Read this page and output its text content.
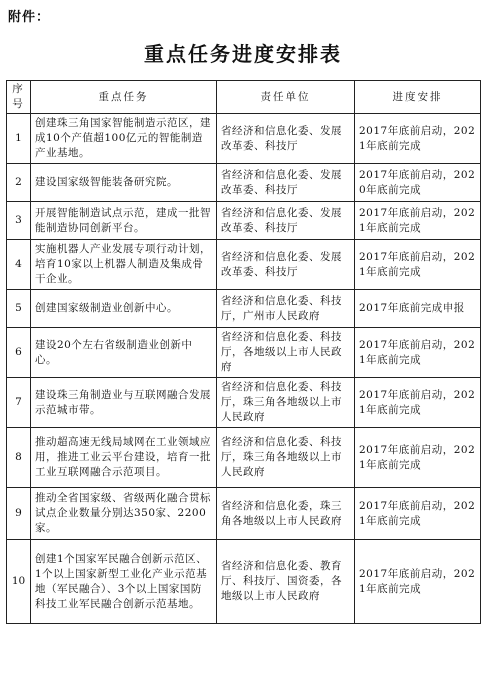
附件：
重点任务进度安排表
序号	重点任务	责任单位	进度安排
1	创建珠三角国家智能制造示范区，建成10个产值超100亿元的智能制造产业基地。	省经济和信息化委、发展改革委、科技厅	2017年底前启动，2021年底前完成
2	建设国家级智能装备研究院。	省经济和信息化委、发展改革委、科技厅	2017年底前启动，2020年底前完成
3	开展智能制造试点示范，建成一批智能制造协同创新平台。	省经济和信息化委、发展改革委、科技厅	2017年底前启动，2021年底前完成
4	实施机器人产业发展专项行动计划，培育10家以上机器人制造及集成骨干企业。	省经济和信息化委、发展改革委、科技厅	2017年底前启动，2021年底前完成
5	创建国家级制造业创新中心。	省经济和信息化委、科技厅，广州市人民政府	2017年底前完成申报
6	建设20个左右省级制造业创新中心。	省经济和信息化委、科技厅，各地级以上市人民政府	2017年底前启动，2021年底前完成
7	建设珠三角制造业与互联网融合发展示范城市带。	省经济和信息化委、科技厅，珠三角各地级以上市人民政府	2017年底前启动，2021年底前完成
8	推动超高速无线局域网在工业领域应用，推进工业云平台建设，培育一批工业互联网融合示范项目。	省经济和信息化委、科技厅，珠三角各地级以上市人民政府	2017年底前启动，2021年底前完成
9	推动全省国家级、省级两化融合贯标试点企业数量分别达350家、2200家。	省经济和信息化委，珠三角各地级以上市人民政府	2017年底前启动，2021年底前完成
10	创建1个国家军民融合创新示范区、1个以上国家新型工业化产业示范基地（军民融合）、3个以上国家国防科技工业军民融合创新示范基地。	省经济和信息化委、教育厅、科技厅、国资委，各地级以上市人民政府	2017年底前启动，2021年底前完成
